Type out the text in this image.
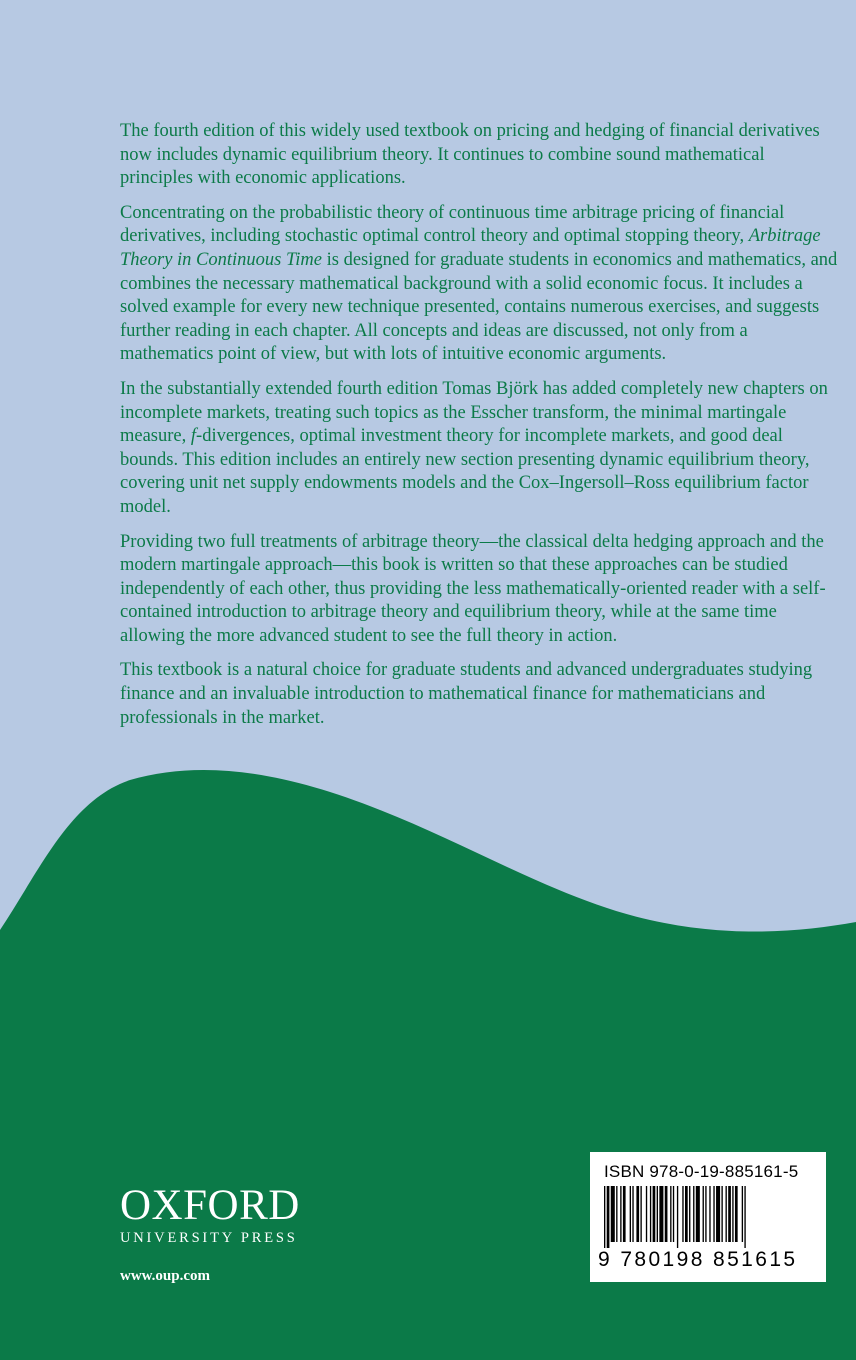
The fourth edition of this widely used textbook on pricing and hedging of financial derivatives now includes dynamic equilibrium theory. It continues to combine sound mathematical principles with economic applications.

Concentrating on the probabilistic theory of continuous time arbitrage pricing of financial derivatives, including stochastic optimal control theory and optimal stopping theory, Arbitrage Theory in Continuous Time is designed for graduate students in economics and mathematics, and combines the necessary mathematical background with a solid economic focus. It includes a solved example for every new technique presented, contains numerous exercises, and suggests further reading in each chapter. All concepts and ideas are discussed, not only from a mathematics point of view, but with lots of intuitive economic arguments.

In the substantially extended fourth edition Tomas Björk has added completely new chapters on incomplete markets, treating such topics as the Esscher transform, the minimal martingale measure, f-divergences, optimal investment theory for incomplete markets, and good deal bounds. This edition includes an entirely new section presenting dynamic equilibrium theory, covering unit net supply endowments models and the Cox–Ingersoll–Ross equilibrium factor model.

Providing two full treatments of arbitrage theory—the classical delta hedging approach and the modern martingale approach—this book is written so that these approaches can be studied independently of each other, thus providing the less mathematically-oriented reader with a self-contained introduction to arbitrage theory and equilibrium theory, while at the same time allowing the more advanced student to see the full theory in action.

This textbook is a natural choice for graduate students and advanced undergraduates studying finance and an invaluable introduction to mathematical finance for mathematicians and professionals in the market.

OXFORD
UNIVERSITY PRESS
www.oup.com
ISBN 978-0-19-885161-5
9 780198 851615
